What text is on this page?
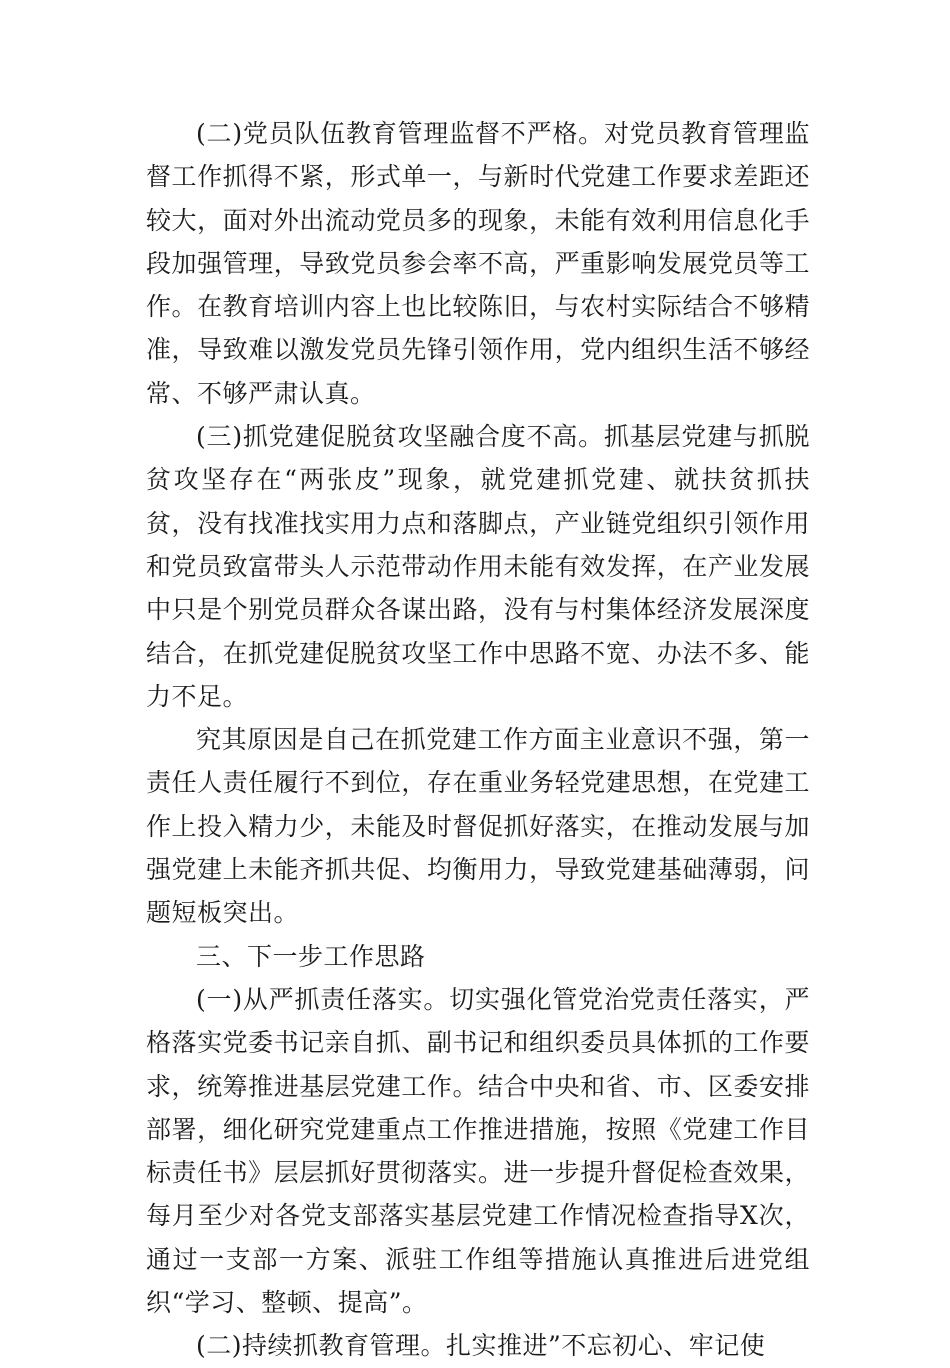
(二)党员队伍教育管理监督不严格。对党员教育管理监督工作抓得不紧，形式单一，与新时代党建工作要求差距还较大，面对外出流动党员多的现象，未能有效利用信息化手段加强管理，导致党员参会率不高，严重影响发展党员等工作。在教育培训内容上也比较陈旧，与农村实际结合不够精准，导致难以激发党员先锋引领作用，党内组织生活不够经常、不够严肃认真。

(三)抓党建促脱贫攻坚融合度不高。抓基层党建与抓脱贫攻坚存在“两张皮”现象，就党建抓党建、就扶贫抓扶贫，没有找准找实用力点和落脚点，产业链党组织引领作用和党员致富带头人示范带动作用未能有效发挥，在产业发展中只是个别党员群众各谋出路，没有与村集体经济发展深度结合，在抓党建促脱贫攻坚工作中思路不宽、办法不多、能力不足。

究其原因是自己在抓党建工作方面主业意识不强，第一责任人责任履行不到位，存在重业务轻党建思想，在党建工作上投入精力少，未能及时督促抓好落实，在推动发展与加强党建上未能齐抓共促、均衡用力，导致党建基础薄弱，问题短板突出。

三、下一步工作思路

(一)从严抓责任落实。切实强化管党治党责任落实，严格落实党委书记亲自抓、副书记和组织委员具体抓的工作要求，统筹推进基层党建工作。结合中央和省、市、区委安排部署，细化研究党建重点工作推进措施，按照《党建工作目标责任书》层层抓好贯彻落实。进一步提升督促检查效果，每月至少对各党支部落实基层党建工作情况检查指导X次，通过一支部一方案、派驻工作组等措施认真推进后进党组织“学习、整顿、提高”。

(二)持续抓教育管理。扎实推进”不忘初心、牢记使
